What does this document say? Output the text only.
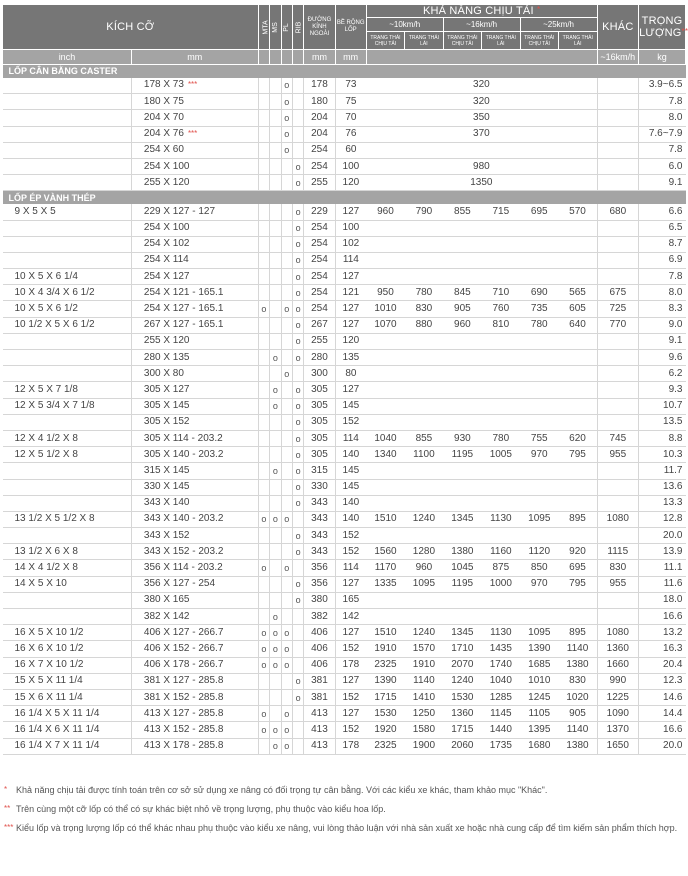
KÍCH CỠ		MTA	MS	PL	RIB	ĐƯỜNG KÍNH NGOÀI	BỀ RỘNG LỐP	KHẢ NĂNG CHỊU TẢI *						KHÁC	TRỌNG LƯỢNG**
								~10km/h		~16km/h		~25km/h			
								TRẠNG THÁI CHỊU TẢI	TRẠNG THÁI LÁI	TRẠNG THÁI CHỊU TẢI	TRẠNG THÁI LÁI	TRẠNG THÁI CHỊU TẢI	TRẠNG THÁI LÁI		
inch	mm					mm	mm							~16km/h	kg
LỐP CÂN BẰNG CASTER															
	178 X 73 ***			o		178	73	320							3.9~6.5
	180 X 75			o		180	75	320							7.8
	204 X 70			o		204	70	350							8.0
	204 X 76 ***			o		204	76	370							7.6~7.9
	254 X 60			o		254	60								7.8
	254 X 100				o	254	100	980							6.0
	255 X 120				o	255	120	1350							9.1
LỐP ÉP VÀNH THÉP															
9 X 5 X 5	229 X 127 - 127				o	229	127	960	790	855	715	695	570	680	6.6
	254 X 100				o	254	100								6.5
	254 X 102				o	254	102								8.7
	254 X 114				o	254	114								6.9
10 X 5 X 6 1/4	254 X 127				o	254	127								7.8
10 X 4 3/4 X 6 1/2	254 X 121 - 165.1				o	254	121	950	780	845	710	690	565	675	8.0
10 X 5 X 6 1/2	254 X 127 - 165.1	o		o	o	254	127	1010	830	905	760	735	605	725	8.3
10 1/2 X 5 X 6 1/2	267 X 127 - 165.1				o	267	127	1070	880	960	810	780	640	770	9.0
	255 X 120				o	255	120								9.1
	280 X 135		o		o	280	135								9.6
	300 X 80			o		300	80								6.2
12 X 5 X 7 1/8	305 X 127		o		o	305	127								9.3
12 X 5 3/4 X 7 1/8	305 X 145		o		o	305	145								10.7
	305 X 152				o	305	152								13.5
12 X 4 1/2 X 8	305 X 114 - 203.2				o	305	114	1040	855	930	780	755	620	745	8.8
12 X 5 1/2 X 8	305 X 140 - 203.2				o	305	140	1340	1100	1195	1005	970	795	955	10.3
	315 X 145		o		o	315	145								11.7
	330 X 145				o	330	145								13.6
	343 X 140				o	343	140								13.3
13 1/2 X 5 1/2 X 8	343 X 140 - 203.2	o	o	o		343	140	1510	1240	1345	1130	1095	895	1080	12.8
	343 X 152				o	343	152								20.0
13 1/2 X 6 X 8	343 X 152 - 203.2				o	343	152	1560	1280	1380	1160	1120	920	1115	13.9
14 X 4 1/2 X 8	356 X 114 - 203.2	o		o		356	114	1170	960	1045	875	850	695	830	11.1
14 X 5 X 10	356 X 127 - 254				o	356	127	1335	1095	1195	1000	970	795	955	11.6
	380 X 165				o	380	165								18.0
	382 X 142		o			382	142								16.6
16 X 5 X 10 1/2	406 X 127 - 266.7	o	o	o		406	127	1510	1240	1345	1130	1095	895	1080	13.2
16 X 6 X 10 1/2	406 X 152 - 266.7	o	o	o		406	152	1910	1570	1710	1435	1390	1140	1360	16.3
16 X 7 X 10 1/2	406 X 178 - 266.7	o	o	o		406	178	2325	1910	2070	1740	1685	1380	1660	20.4
15 X 5 X 11 1/4	381 X 127 - 285.8				o	381	127	1390	1140	1240	1040	1010	830	990	12.3
15 X 6 X 11 1/4	381 X 152 - 285.8				o	381	152	1715	1410	1530	1285	1245	1020	1225	14.6
16 1/4 X 5 X 11 1/4	413 X 127 - 285.8	o		o		413	127	1530	1250	1360	1145	1105	905	1090	14.4
16 1/4 X 6 X 11 1/4	413 X 152 - 285.8	o	o	o		413	152	1920	1580	1715	1440	1395	1140	1370	16.6
16 1/4 X 7 X 11 1/4	413 X 178 - 285.8		o	o		413	178	2325	1900	2060	1735	1680	1380	1650	20.0
* Khả năng chịu tải được tính toán trên cơ sở sử dụng xe nâng có đối trọng tự cân bằng. Với các kiểu xe khác, tham khảo mục "Khác".
** Trên cùng một cỡ lốp có thể có sự khác biệt nhỏ về trọng lượng, phụ thuộc vào kiểu hoa lốp.
*** Kiểu lốp và trọng lượng lốp có thể khác nhau phụ thuộc vào kiểu xe nâng, vui lòng thảo luận với nhà sản xuất xe hoặc nhà cung cấp để tìm kiếm sản phẩm thích hợp.
